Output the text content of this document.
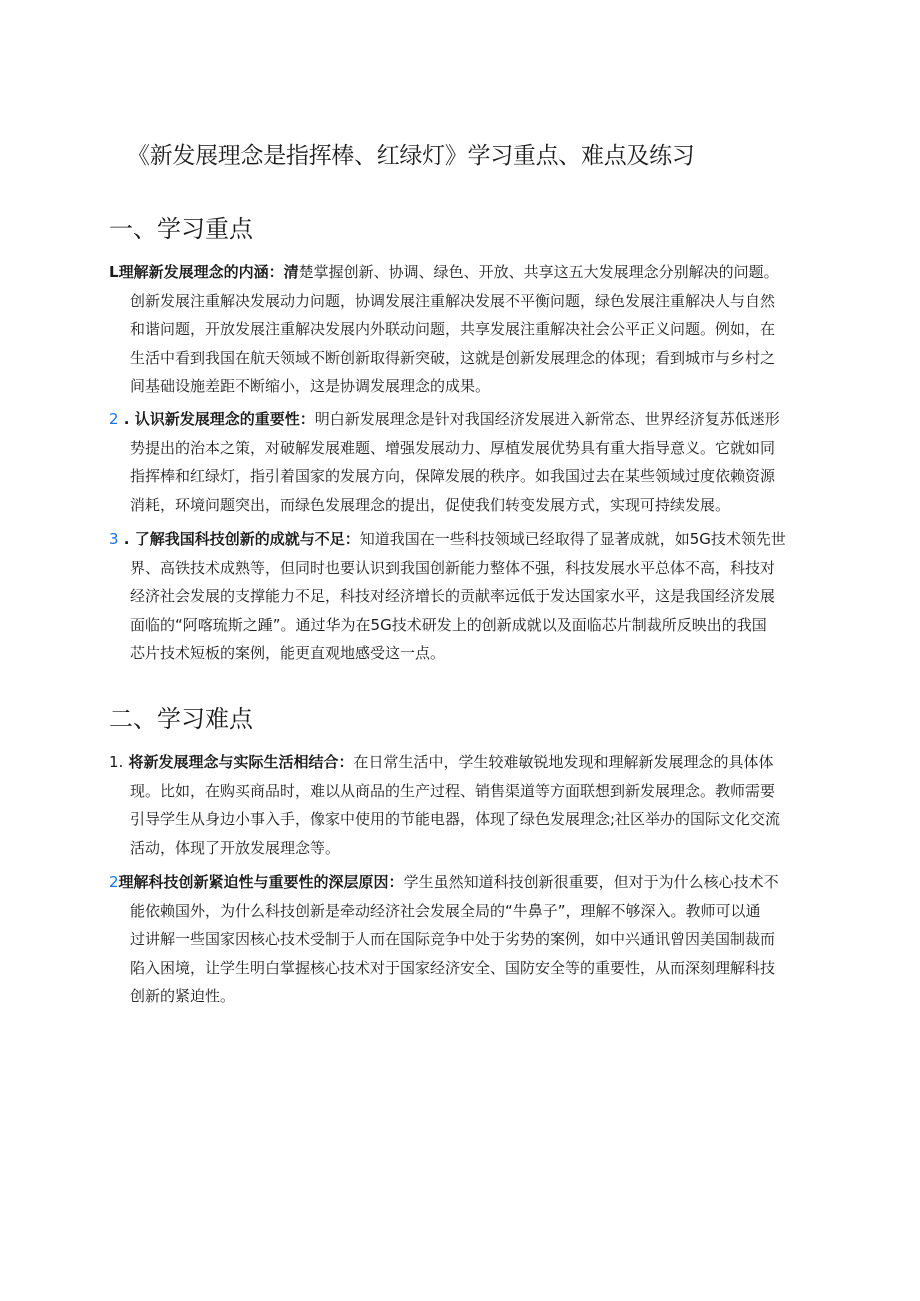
《新发展理念是指挥棒、红绿灯》学习重点、难点及练习
一、学习重点
L理解新发展理念的内涵：清楚掌握创新、协调、绿色、开放、共享这五大发展理念分别解决的问题。
创新发展注重解决发展动力问题，协调发展注重解决发展不平衡问题，绿色发展注重解决人与自然
和谐问题，开放发展注重解决发展内外联动问题，共享发展注重解决社会公平正义问题。例如，在
生活中看到我国在航天领域不断创新取得新突破，这就是创新发展理念的体现；看到城市与乡村之
间基础设施差距不断缩小，这是协调发展理念的成果。
2 . 认识新发展理念的重要性：明白新发展理念是针对我国经济发展进入新常态、世界经济复苏低迷形
势提出的治本之策，对破解发展难题、增强发展动力、厚植发展优势具有重大指导意义。它就如同
指挥棒和红绿灯，指引着国家的发展方向，保障发展的秩序。如我国过去在某些领域过度依赖资源
消耗，环境问题突出，而绿色发展理念的提出，促使我们转变发展方式，实现可持续发展。
3 . 了解我国科技创新的成就与不足：知道我国在一些科技领域已经取得了显著成就，如5G技术领先世
界、高铁技术成熟等，但同时也要认识到我国创新能力整体不强，科技发展水平总体不高，科技对
经济社会发展的支撑能力不足，科技对经济增长的贡献率远低于发达国家水平，这是我国经济发展
面临的“阿喀琉斯之踵”。通过华为在5G技术研发上的创新成就以及面临芯片制裁所反映出的我国
芯片技术短板的案例，能更直观地感受这一点。
二、学习难点
1. 将新发展理念与实际生活相结合：在日常生活中，学生较难敏锐地发现和理解新发展理念的具体体
现。比如，在购买商品时，难以从商品的生产过程、销售渠道等方面联想到新发展理念。教师需要
引导学生从身边小事入手，像家中使用的节能电器，体现了绿色发展理念;社区举办的国际文化交流
活动，体现了开放发展理念等。
2理解科技创新紧迫性与重要性的深层原因：学生虽然知道科技创新很重要，但对于为什么核心技术不
能依赖国外，为什么科技创新是牵动经济社会发展全局的“牛鼻子”，理解不够深入。教师可以通
过讲解一些国家因核心技术受制于人而在国际竞争中处于劣势的案例，如中兴通讯曾因美国制裁而
陷入困境，让学生明白掌握核心技术对于国家经济安全、国防安全等的重要性，从而深刻理解科技
创新的紧迫性。
